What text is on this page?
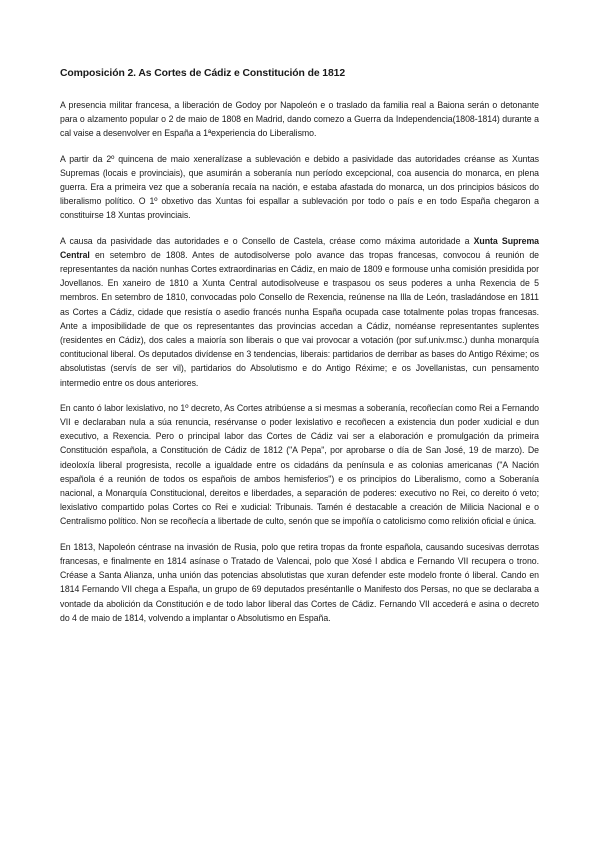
Composición 2. As Cortes de Cádiz e Constitución de 1812

A presencia militar francesa, a liberación de Godoy por Napoleón e o traslado da familia real a Baiona serán o detonante para o alzamento popular o 2 de maio de 1808 en Madrid, dando comezo a Guerra da Independencia(1808-1814) durante a cal vaise a desenvolver en España a 1ªexperiencia do Liberalismo.

A partir da 2º quincena de maio xeneralízase a sublevación e debido a pasividade das autoridades créanse as Xuntas Supremas (locais e provinciais), que asumirán a soberanía nun período excepcional, coa ausencia do monarca, en plena guerra. Era a primeira vez que a soberanía recaía na nación, e estaba afastada do monarca, un dos principios básicos do liberalismo político. O 1º obxetivo das Xuntas foi espallar a sublevación por todo o país e en todo España chegaron a constituirse 18 Xuntas provinciais.

A causa da pasividade das autoridades e o Consello de Castela, créase como máxima autoridade a Xunta Suprema Central en setembro de 1808. Antes de autodisolverse polo avance das tropas francesas, convocou á reunión de representantes da nación nunhas Cortes extraordinarias en Cádiz, en maio de 1809 e formouse unha comisión presidida por Jovellanos. En xaneiro de 1810 a Xunta Central autodisolveuse e traspasou os seus poderes a unha Rexencia de 5 membros. En setembro de 1810, convocadas polo Consello de Rexencia, reúnense na Illa de León, trasladándose en 1811 as Cortes a Cádiz, cidade que resistía o asedio francés nunha España ocupada case totalmente polas tropas francesas. Ante a imposibilidade de que os representantes das provincias accedan a Cádiz, noméanse representantes suplentes (residentes en Cádiz), dos cales a maioría son liberais o que vai provocar a votación (por suf.univ.msc.) dunha monarquía contitucional liberal. Os deputados divídense en 3 tendencias, liberais: partidarios de derribar as bases do Antigo Réxime; os absolutistas (servís de ser vil), partidarios do Absolutismo e do Antigo Réxime; e os Jovellanistas, cun pensamento intermedio entre os dous anteriores.

En canto ó labor lexislativo, no 1º decreto, As Cortes atribúense a si mesmas a soberanía, recoñecían como Rei a Fernando VII e declaraban nula a súa renuncia, resérvanse o poder lexislativo e recoñecen a existencia dun poder xudicial e dun executivo, a Rexencia. Pero o principal labor das Cortes de Cádiz vai ser a elaboración e promulgación da primeira Constitución española, a Constitución de Cádiz de 1812 ("A Pepa", por aprobarse o día de San José, 19 de marzo). De ideoloxía liberal progresista, recolle a igualdade entre os cidadáns da península e as colonias americanas ("A Nación española é a reunión de todos os españois de ambos hemisferios") e os principios do Liberalismo, como a Soberanía nacional, a Monarquía Constitucional, dereitos e liberdades, a separación de poderes: executivo no Rei, co dereito ó veto; lexislativo compartido polas Cortes co Rei e xudicial: Tribunais. Tamén é destacable a creación de Milicia Nacional e o Centralismo político. Non se recoñecía a libertade de culto, senón que se impoñía o catolicismo como relixión oficial e única.

En 1813, Napoleón céntrase na invasión de Rusia, polo que retira tropas da fronte española, causando sucesivas derrotas francesas, e finalmente en 1814 asínase o Tratado de Valencai, polo que Xosé I abdica e Fernando VII recupera o trono. Créase a Santa Alianza, unha unión das potencias absolutistas que xuran defender este modelo fronte ó liberal. Cando en 1814 Fernando VII chega a España, un grupo de 69 deputados preséntanlle o Manifesto dos Persas, no que se declaraba a vontade da abolición da Constitución e de todo labor liberal das Cortes de Cádiz. Fernando VII accederá e asina o decreto do 4 de maio de 1814, volvendo a implantar o Absolutismo en España.
